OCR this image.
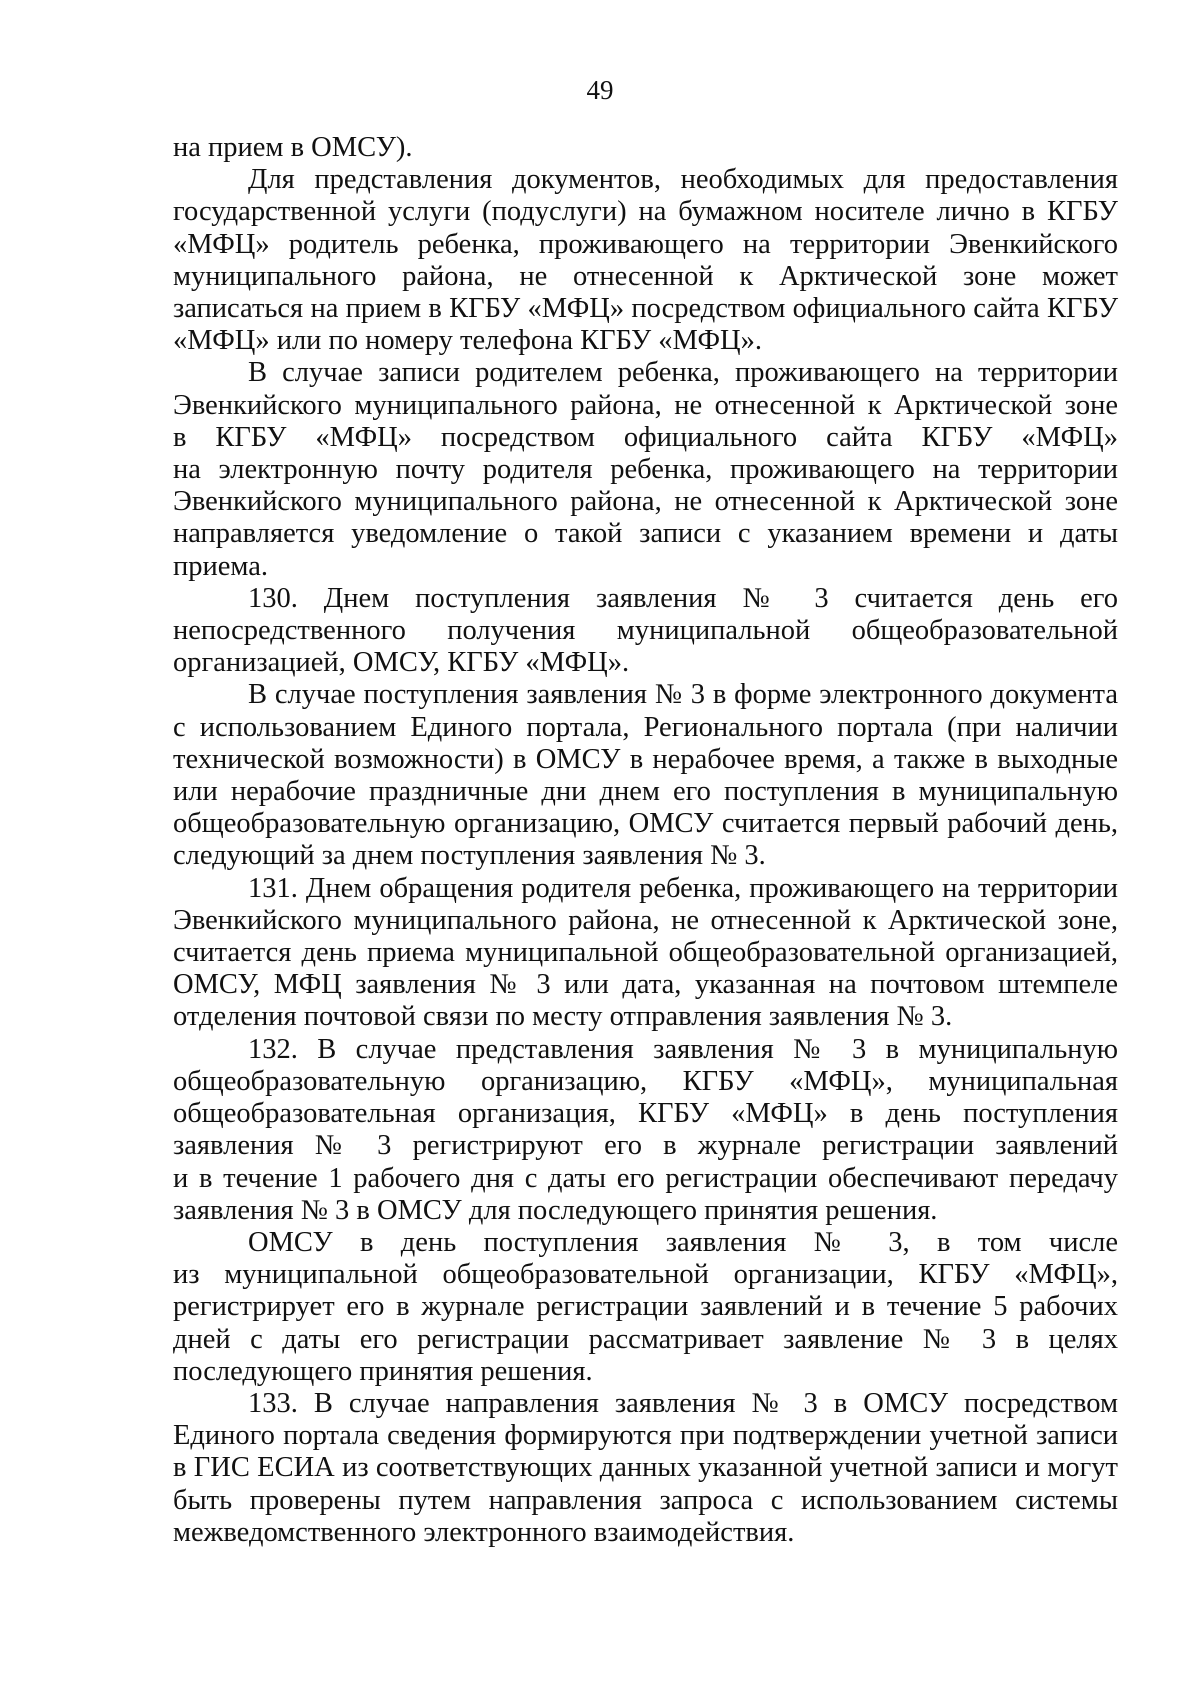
49

на прием в ОМСУ).

Для представления документов, необходимых для предоставления
государственной услуги (подуслуги) на бумажном носителе лично в КГБУ
«МФЦ» родитель ребенка, проживающего на территории Эвенкийского
муниципального района, не отнесенной к Арктической зоне может
записаться на прием в КГБУ «МФЦ» посредством официального сайта КГБУ
«МФЦ» или по номеру телефона КГБУ «МФЦ».

В случае записи родителем ребенка, проживающего на территории
Эвенкийского муниципального района, не отнесенной к Арктической зоне
в КГБУ «МФЦ» посредством официального сайта КГБУ «МФЦ»
на электронную почту родителя ребенка, проживающего на территории
Эвенкийского муниципального района, не отнесенной к Арктической зоне
направляется уведомление о такой записи с указанием времени и даты
приема.

130. Днем поступления заявления № 3 считается день его
непосредственного получения муниципальной общеобразовательной
организацией, ОМСУ, КГБУ «МФЦ».

В случае поступления заявления № 3 в форме электронного документа
с использованием Единого портала, Регионального портала (при наличии
технической возможности) в ОМСУ в нерабочее время, а также в выходные
или нерабочие праздничные дни днем его поступления в муниципальную
общеобразовательную организацию, ОМСУ считается первый рабочий день,
следующий за днем поступления заявления № 3.

131. Днем обращения родителя ребенка, проживающего на территории
Эвенкийского муниципального района, не отнесенной к Арктической зоне,
считается день приема муниципальной общеобразовательной организацией,
ОМСУ, МФЦ заявления № 3 или дата, указанная на почтовом штемпеле
отделения почтовой связи по месту отправления заявления № 3.

132. В случае представления заявления № 3 в муниципальную
общеобразовательную организацию, КГБУ «МФЦ», муниципальная
общеобразовательная организация, КГБУ «МФЦ» в день поступления
заявления № 3 регистрируют его в журнале регистрации заявлений
и в течение 1 рабочего дня с даты его регистрации обеспечивают передачу
заявления № 3 в ОМСУ для последующего принятия решения.

ОМСУ в день поступления заявления № 3, в том числе
из муниципальной общеобразовательной организации, КГБУ «МФЦ»,
регистрирует его в журнале регистрации заявлений и в течение 5 рабочих
дней с даты его регистрации рассматривает заявление № 3 в целях
последующего принятия решения.

133. В случае направления заявления № 3 в ОМСУ посредством
Единого портала сведения формируются при подтверждении учетной записи
в ГИС ЕСИА из соответствующих данных указанной учетной записи и могут
быть проверены путем направления запроса с использованием системы
межведомственного электронного взаимодействия.
